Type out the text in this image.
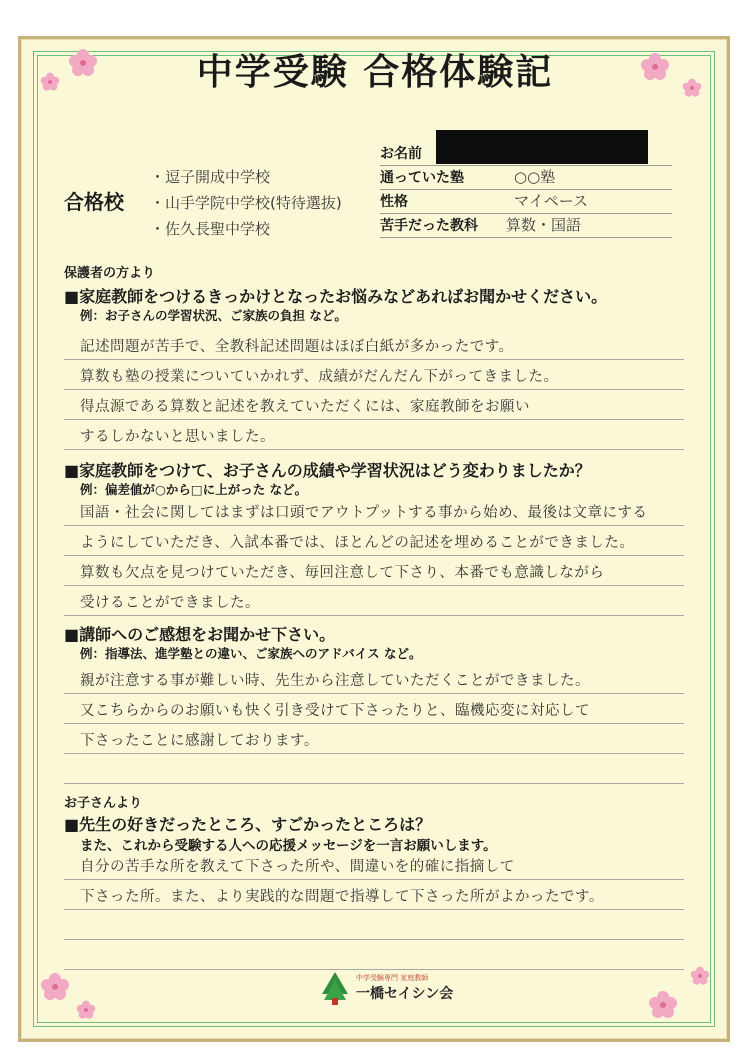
中学受験 合格体験記
合格校
・逗子開成中学校
・山手学院中学校(特待選抜)
・佐久長聖中学校
お名前
通っていた塾	○○塾
性格	マイペース
苦手だった教科	算数・国語
保護者の方より
■家庭教師をつけるきっかけとなったお悩みなどあればお聞かせください。
例：お子さんの学習状況、ご家族の負担 など。
記述問題が苦手で、全教科記述問題はほぼ白紙が多かったです。
算数も塾の授業についていかれず、成績がだんだん下がってきました。
得点源である算数と記述を教えていただくには、家庭教師をお願い
するしかないと思いました。
■家庭教師をつけて、お子さんの成績や学習状況はどう変わりましたか？
例：偏差値が○から□に上がった など。
国語・社会に関してはまずは口頭でアウトプットする事から始め、最後は文章にする
ようにしていただき、入試本番では、ほとんどの記述を埋めることができました。
算数も欠点を見つけていただき、毎回注意して下さり、本番でも意識しながら
受けることができました。
■講師へのご感想をお聞かせ下さい。
例：指導法、進学塾との違い、ご家族へのアドバイス など。
親が注意する事が難しい時、先生から注意していただくことができました。
又こちらからのお願いも快く引き受けて下さったりと、臨機応変に対応して
下さったことに感謝しております。
お子さんより
■先生の好きだったところ、すごかったところは？
また、これから受験する人への応援メッセージを一言お願いします。
自分の苦手な所を教えて下さった所や、間違いを的確に指摘して
下さった所。また、より実践的な問題で指導して下さった所がよかったです。
中学受験専門 家庭教師
一橋セイシン会
